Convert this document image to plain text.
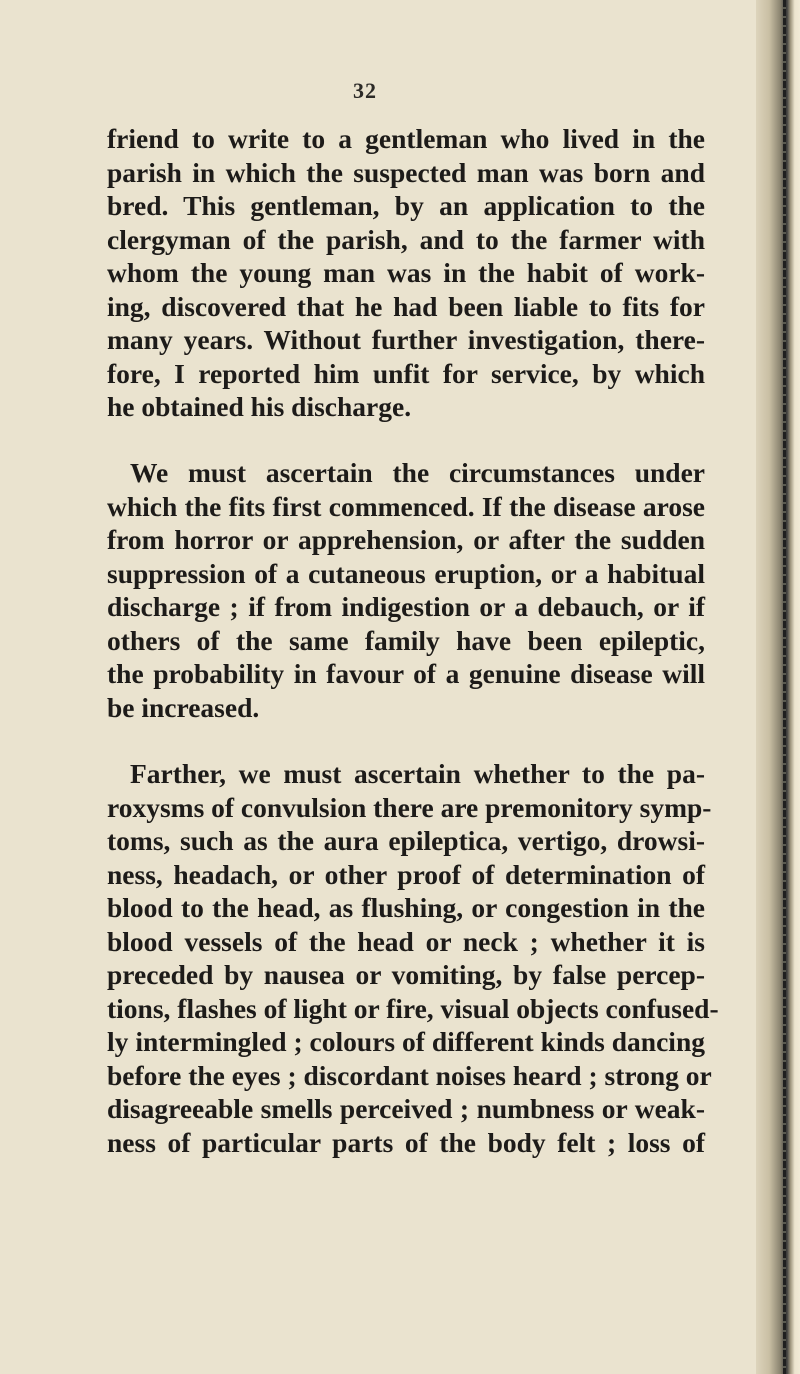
32
friend to write to a gentleman who lived in the
parish in which the suspected man was born and
bred. This gentleman, by an application to the
clergyman of the parish, and to the farmer with
whom the young man was in the habit of work-
ing, discovered that he had been liable to fits for
many years. Without further investigation, there-
fore, I reported him unfit for service, by which
he obtained his discharge.
We must ascertain the circumstances under
which the fits first commenced. If the disease arose
from horror or apprehension, or after the sudden
suppression of a cutaneous eruption, or a habitual
discharge ; if from indigestion or a debauch, or if
others of the same family have been epileptic,
the probability in favour of a genuine disease will
be increased.
Farther, we must ascertain whether to the pa-
roxysms of convulsion there are premonitory symp-
toms, such as the aura epileptica, vertigo, drowsi-
ness, headach, or other proof of determination of
blood to the head, as flushing, or congestion in the
blood vessels of the head or neck ; whether it is
preceded by nausea or vomiting, by false percep-
tions, flashes of light or fire, visual objects confused-
ly intermingled ; colours of different kinds dancing
before the eyes ; discordant noises heard ; strong or
disagreeable smells perceived ; numbness or weak-
ness of particular parts of the body felt ; loss of
